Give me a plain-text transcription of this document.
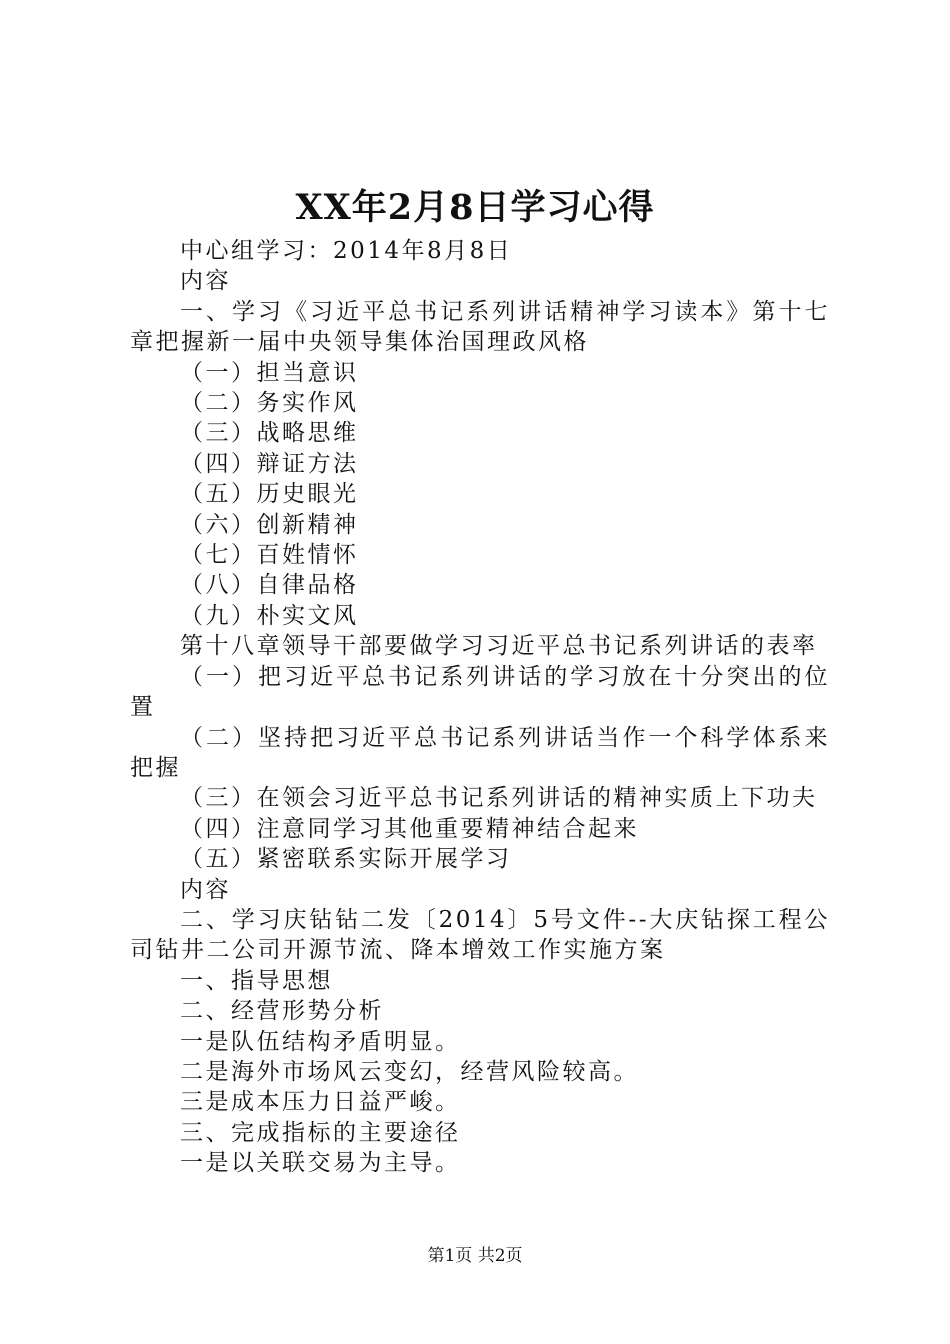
XX年2月8日学习心得

中心组学习：2014年8月8日

内容

一、学习《习近平总书记系列讲话精神学习读本》第十七章把握新一届中央领导集体治国理政风格

（一）担当意识

（二）务实作风

（三）战略思维

（四）辩证方法

（五）历史眼光

（六）创新精神

（七）百姓情怀

（八）自律品格

（九）朴实文风

第十八章领导干部要做学习习近平总书记系列讲话的表率

（一）把习近平总书记系列讲话的学习放在十分突出的位置

（二）坚持把习近平总书记系列讲话当作一个科学体系来把握

（三）在领会习近平总书记系列讲话的精神实质上下功夫

（四）注意同学习其他重要精神结合起来

（五）紧密联系实际开展学习

内容

二、学习庆钻钻二发〔2014〕5号文件--大庆钻探工程公司钻井二公司开源节流、降本增效工作实施方案

一、指导思想

二、经营形势分析

一是队伍结构矛盾明显。

二是海外市场风云变幻，经营风险较高。

三是成本压力日益严峻。

三、完成指标的主要途径

一是以关联交易为主导。

第1页 共2页
